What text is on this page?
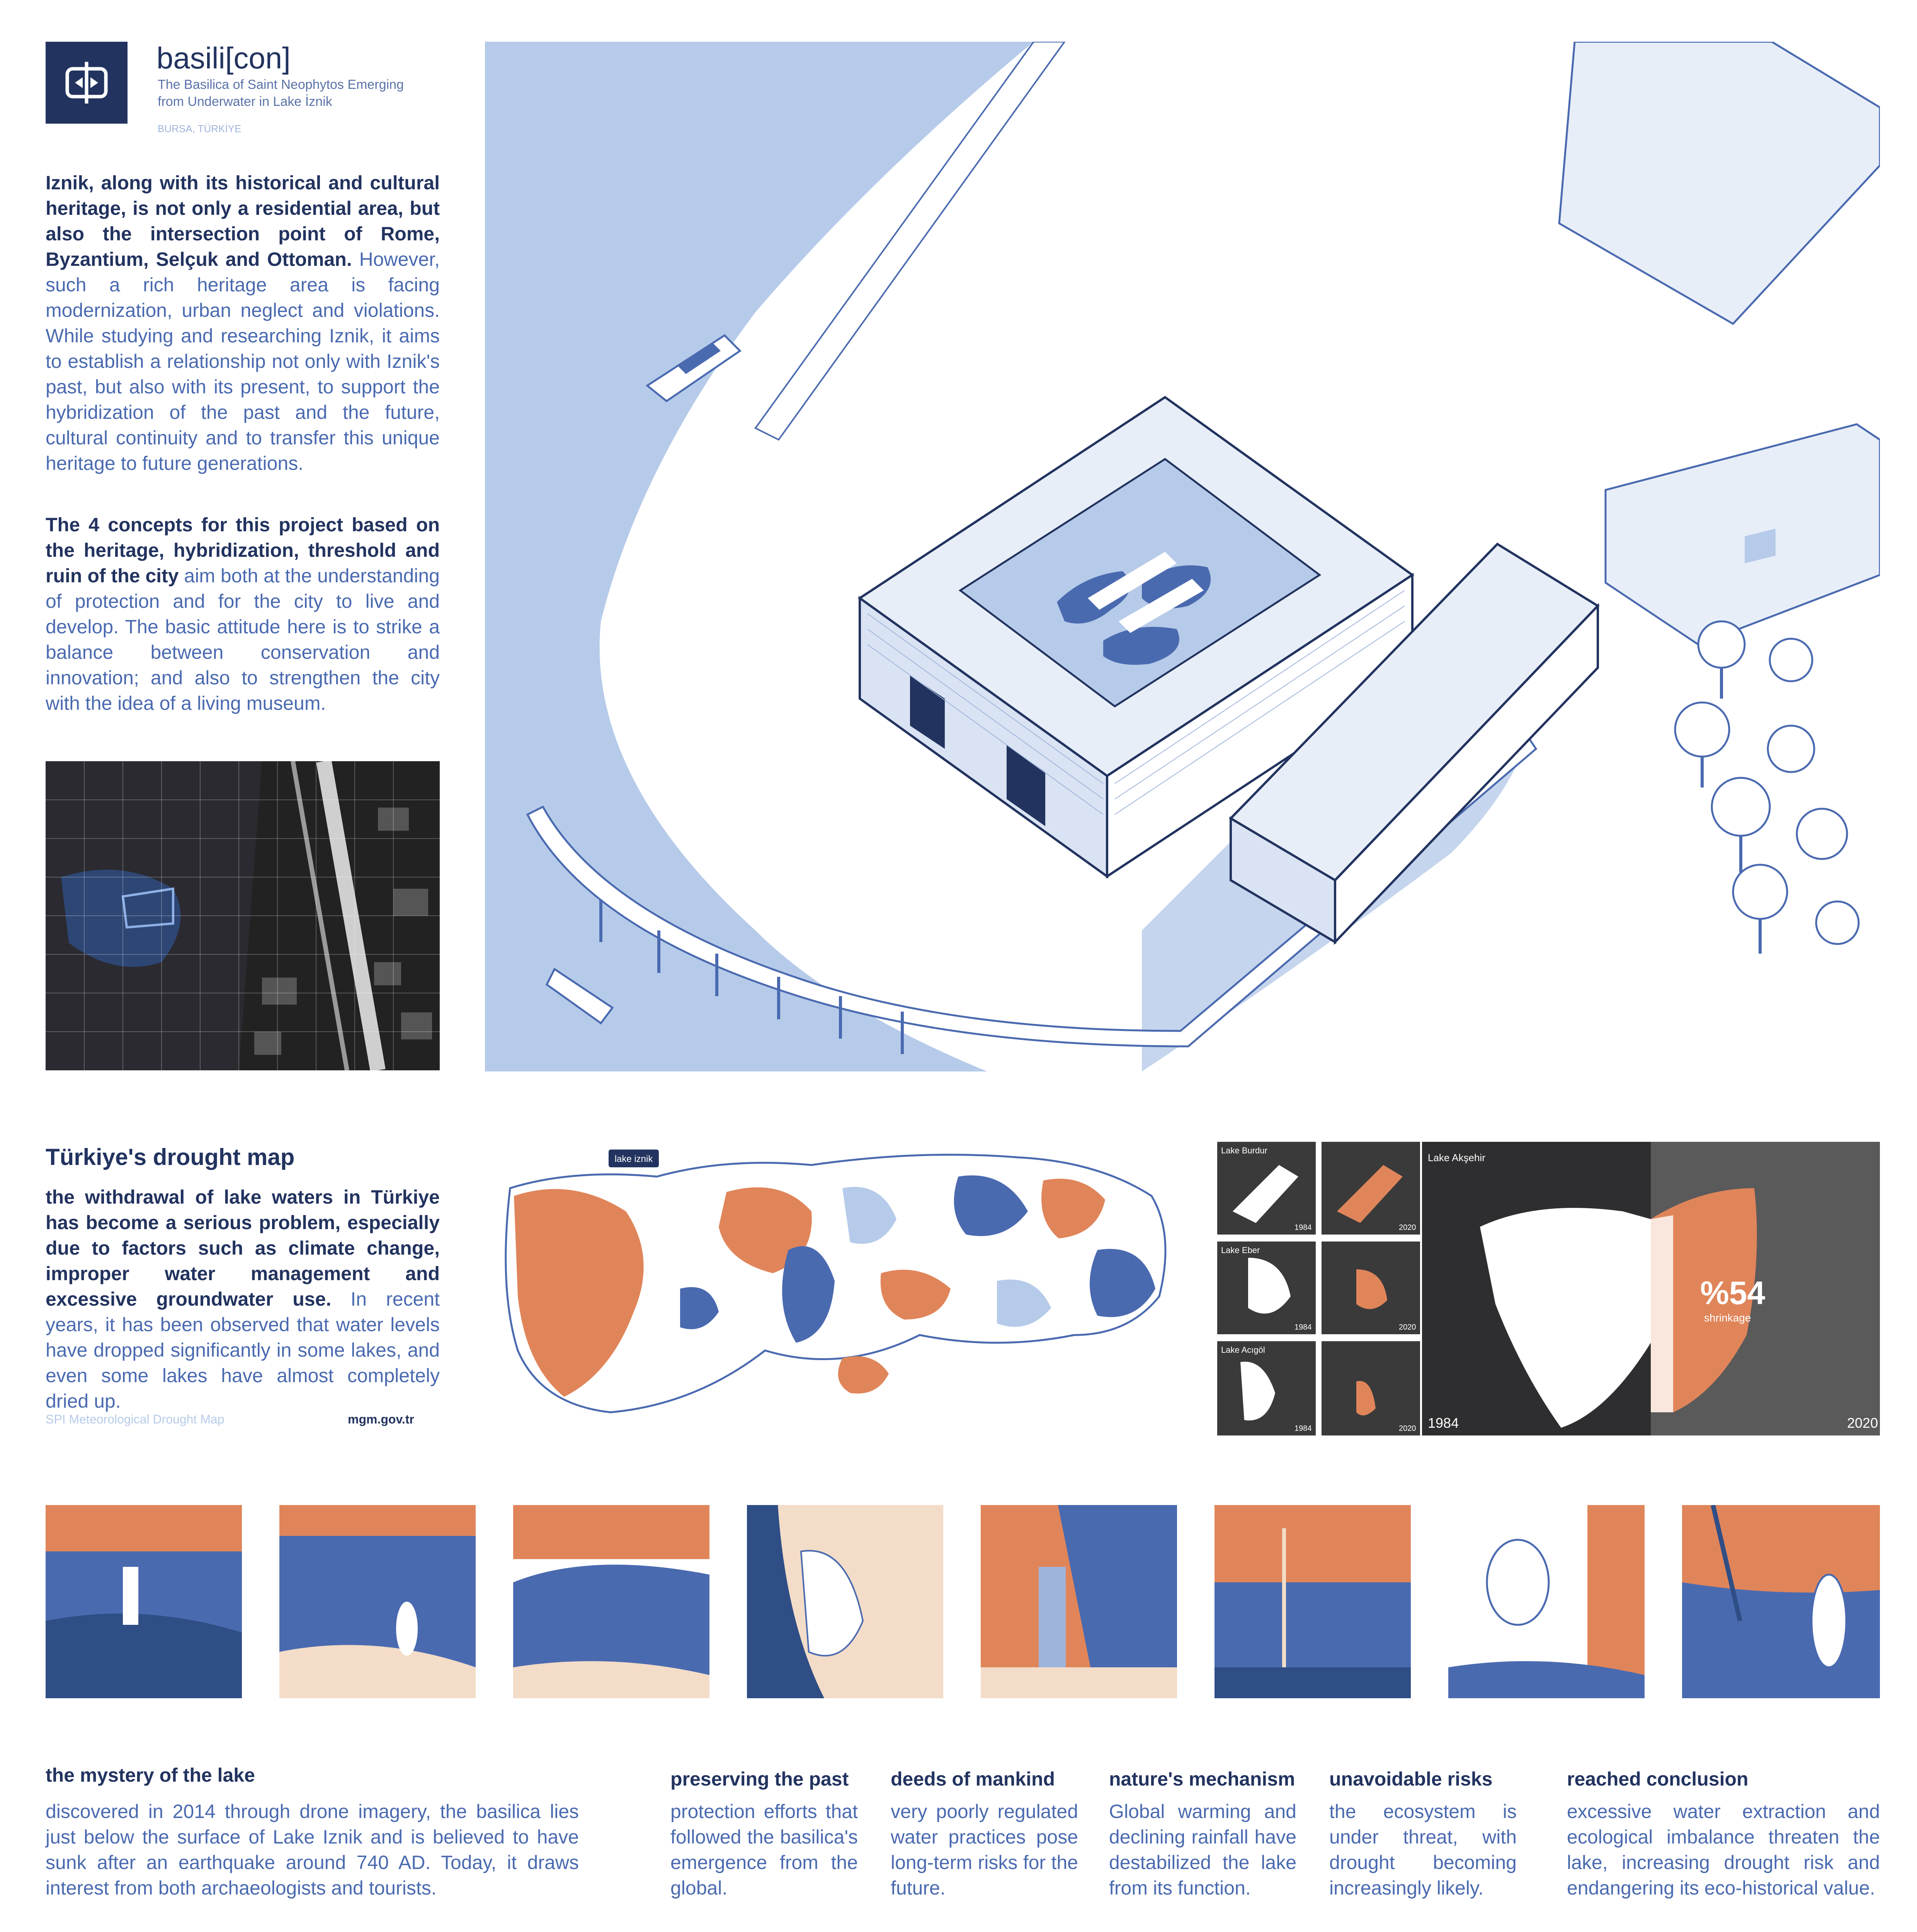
basili[con]
The Basilica of Saint Neophytos Emerging
from Underwater in Lake İznik
BURSA, TÜRKİYE
Iznik, along with its historical and cultural heritage, is not only a residential area, but also the intersection point of Rome, Byzantium, Selçuk and Ottoman. However, such a rich heritage area is facing modernization, urban neglect and violations. While studying and researching Iznik, it aims to establish a relationship not only with Iznik's past, but also with its present, to support the hybridization of the past and the future, cultural continuity and to transfer this unique heritage to future generations.
The 4 concepts for this project based on the heritage, hybridization, threshold and ruin of the city aim both at the understanding of protection and for the city to live and develop. The basic attitude here is to strike a balance between conservation and innovation; and also to strengthen the city with the idea of a living museum.
Türkiye's drought map
the withdrawal of lake waters in Türkiye has become a serious problem, especially due to factors such as climate change, improper water management and excessive groundwater use. In recent years, it has been observed that water levels have dropped significantly in some lakes, and even some lakes have almost completely dried up.
SPI Meteorological Drought Map	mgm.gov.tr
lake iznik
Lake Burdur
Lake Eber
Lake Acıgöl
1984	2020
1984	2020
1984	2020
Lake Akşehir
%54
shrinkage
1984	2020
the mystery of the lake
discovered in 2014 through drone imagery, the basilica lies just below the surface of Lake Iznik and is believed to have sunk after an earthquake around 740 AD. Today, it draws interest from both archaeologists and tourists.
preserving the past
protection efforts that followed the basilica's emergence from the global.
deeds of mankind
very poorly regulated water practices pose long-term risks for the future.
nature's mechanism
Global warming and declining rainfall have destabilized the lake from its function.
unavoidable risks
the ecosystem is under threat, with drought becoming increasingly likely.
reached conclusion
excessive water extraction and ecological imbalance threaten the lake, increasing drought risk and endangering its eco-historical value.
